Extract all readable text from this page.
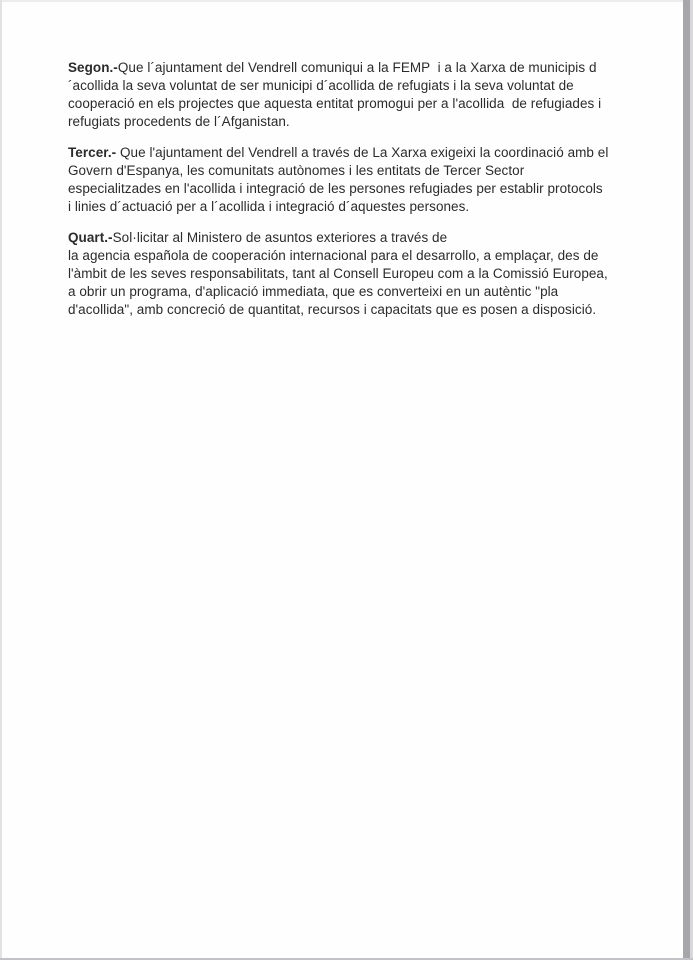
Segon.-Que l´ajuntament del Vendrell comuniqui a la FEMP  i a la Xarxa de municipis d
´acollida la seva voluntat de ser municipi d´acollida de refugiats i la seva voluntat de
cooperació en els projectes que aquesta entitat promogui per a l'acollida  de refugiades i
refugiats procedents de l´Afganistan.

Tercer.- Que l'ajuntament del Vendrell a través de La Xarxa exigeixi la coordinació amb el
Govern d'Espanya, les comunitats autònomes i les entitats de Tercer Sector
especialitzades en l'acollida i integració de les persones refugiades per establir protocols
i linies d´actuació per a l´acollida i integració d´aquestes persones.

Quart.-Sol·licitar al Ministero de asuntos exteriores a través de
la agencia española de cooperación internacional para el desarrollo, a emplaçar, des de
l'àmbit de les seves responsabilitats, tant al Consell Europeu com a la Comissió Europea,
a obrir un programa, d'aplicació immediata, que es converteixi en un autèntic "pla
d'acollida", amb concreció de quantitat, recursos i capacitats que es posen a disposició.
